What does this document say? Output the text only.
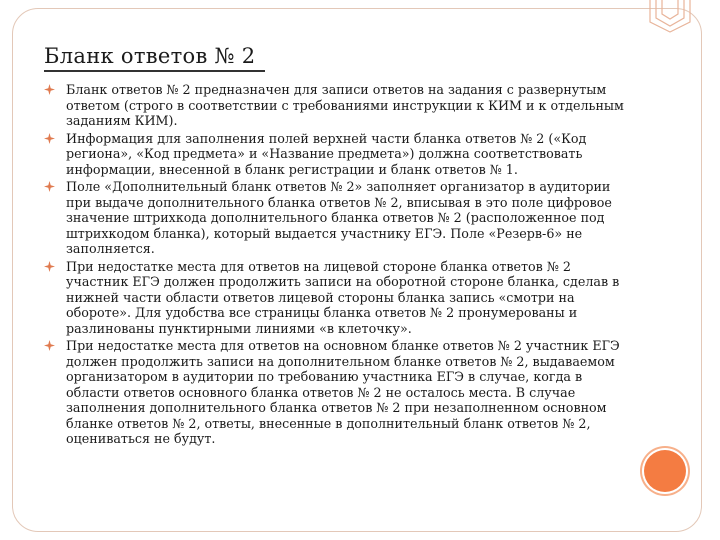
Бланк ответов № 2
Бланк ответов № 2 предназначен для записи ответов на задания с развернутым ответом (строго в соответствии с требованиями инструкции к КИМ и к отдельным заданиям КИМ).
Информация для заполнения полей верхней части бланка ответов № 2 («Код региона», «Код предмета» и «Название предмета») должна соответствовать информации, внесенной в бланк регистрации и бланк ответов № 1.
Поле «Дополнительный бланк ответов № 2» заполняет организатор в аудитории при выдаче дополнительного бланка ответов № 2, вписывая в это поле цифровое значение штрихкода дополнительного бланка ответов № 2 (расположенное под штрихкодом бланка), который выдается участнику ЕГЭ. Поле «Резерв-6» не заполняется.
При недостатке места для ответов на лицевой стороне бланка ответов № 2 участник ЕГЭ должен продолжить записи на оборотной стороне бланка, сделав в нижней части области ответов лицевой стороны бланка запись «смотри на обороте». Для удобства все страницы бланка ответов № 2 пронумерованы и разлинованы пунктирными линиями «в клеточку».
При недостатке места для ответов на основном бланке ответов № 2 участник ЕГЭ должен продолжить записи на дополнительном бланке ответов № 2, выдаваемом организатором в аудитории по требованию участника ЕГЭ в случае, когда в области ответов основного бланка ответов № 2 не осталось места. В случае заполнения дополнительного бланка ответов № 2 при незаполненном основном бланке ответов № 2, ответы, внесенные в дополнительный бланк ответов № 2, оцениваться не будут.
